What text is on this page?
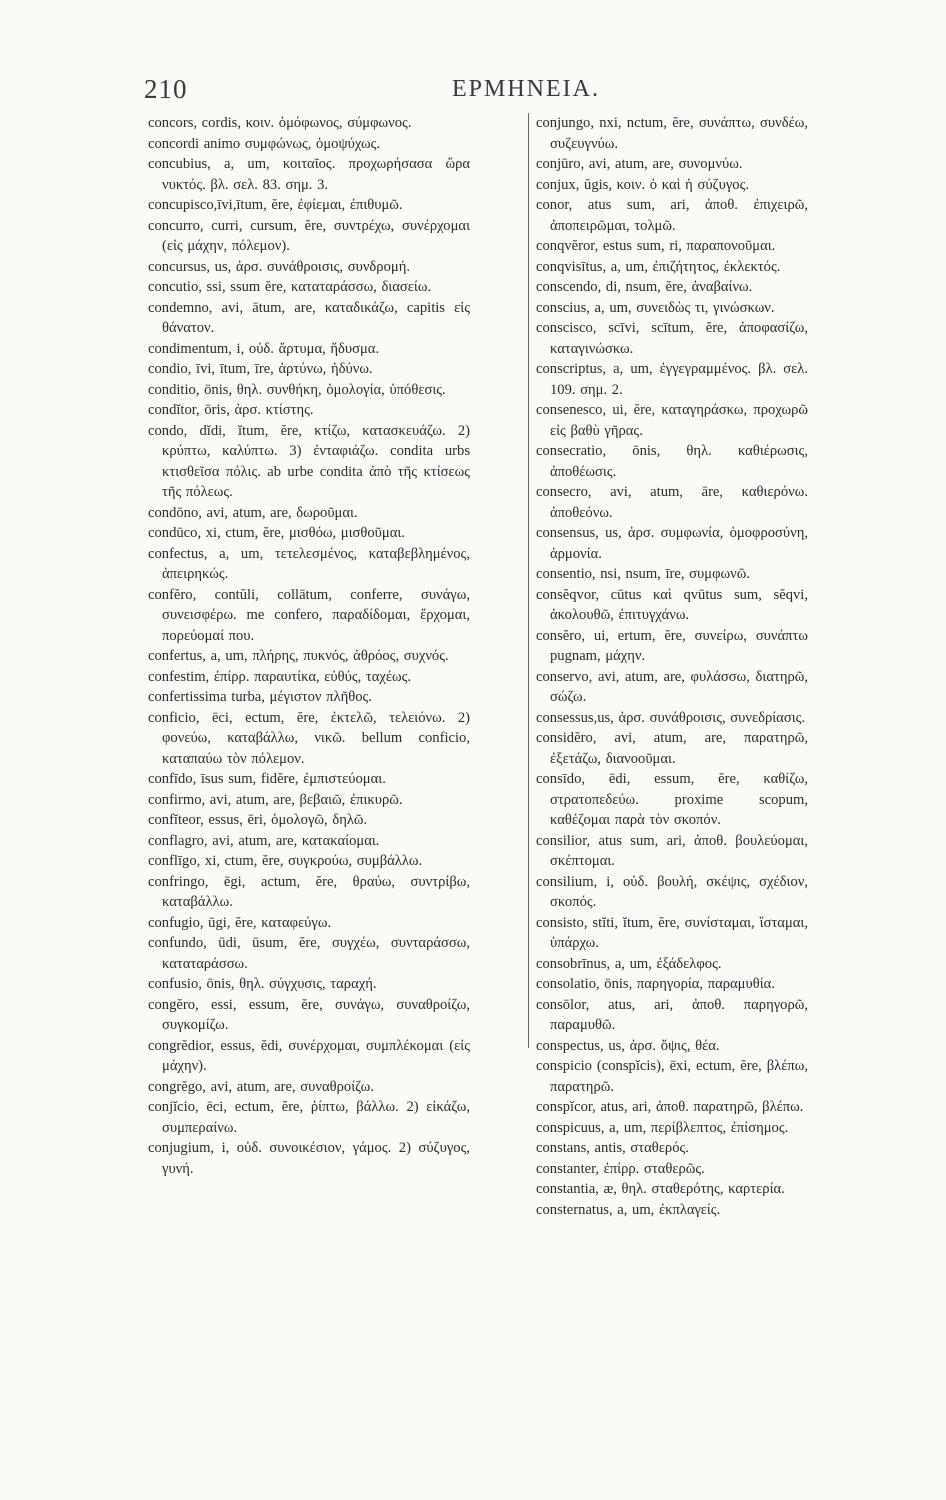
210	ΕΡΜΗΝΕΙΑ.

concors, cordis, κοιν. ὁμόφωνος, σύμφωνος.

concordi animo συμφώνως, ὁμοψύχως.

concubius, a, um, κοιταῖος. προχωρήσασα ὥρα νυκτός. βλ. σελ. 83. σημ. 3.

concupisco,īvi,ītum, ĕre, ἐφίεμαι, ἐπιθυμῶ.

concurro, curri, cursum, ĕre, συντρέχω, συνέρχομαι (εἰς μάχην, πόλεμον).

concursus, us, ἀρσ. συνάθροισις, συνδρομή.

concutio, ssi, ssum ĕre, καταταράσσω, διασείω.

condemno, avi, ātum, are, καταδικάζω, capitis εἰς θάνατον.

condimentum, i, οὐδ. ἄρτυμα, ἥδυσμα.

condio, īvi, ītum, īre, ἀρτύνω, ἡδύνω.

conditio, ōnis, θηλ. συνθήκη, ὁμολογία, ὑπόθεσις.

condĭtor, ōris, ἀρσ. κτίστης.

condo, dĭdi, ĭtum, ĕre, κτίζω, κατασκευάζω. 2) κρύπτω, καλύπτω. 3) ἐνταφιάζω. condita urbs κτισθεῖσα πόλις. ab urbe condita ἀπὸ τῆς κτίσεως τῆς πόλεως.

condōno, avi, atum, are, δωροῦμαι.

condūco, xi, ctum, ĕre, μισθόω, μισθοῦμαι.

confectus, a, um, τετελεσμένος, καταβεβλημένος, ἀπειρηκώς.

confĕro, contŭli, collātum, conferre, συνάγω, συνεισφέρω. me confero, παραδίδομαι, ἔρχομαι, πορεύομαί που.

confertus, a, um, πλήρης, πυκνός, ἀθρόος, συχνός.

confestim, ἐπίρρ. παραυτίκα, εὐθύς, ταχέως.

confertissima turba, μέγιστον πλῆθος.

conficio, ēci, ectum, ĕre, ἐκτελῶ, τελειόνω. 2) φονεύω, καταβάλλω, νικῶ. bellum conficio, καταπαύω τὸν πόλεμον.

confīdo, īsus sum, fidĕre, ἐμπιστεύομαι.

confirmo, avi, atum, are, βεβαιῶ, ἐπικυρῶ.

confĭteor, essus, ēri, ὁμολογῶ, δηλῶ.

conflagro, avi, atum, are, κατακαίομαι.

conflīgo, xi, ctum, ĕre, συγκρούω, συμβάλλω.

confringo, ēgi, actum, ĕre, θραύω, συντρίβω, καταβάλλω.

confugio, ūgi, ĕre, καταφεύγω.

confundo, ūdi, ūsum, ĕre, συγχέω, συνταράσσω, καταταράσσω.

confusio, ōnis, θηλ. σύγχυσις, ταραχή.

congĕro, essi, essum, ĕre, συνάγω, συναθροίζω, συγκομίζω.

congrĕdior, essus, ĕdi, συνέρχομαι, συμπλέκομαι (εἰς μάχην).

congrĕgo, avi, atum, are, συναθροίζω.

conjĭcio, ēci, ectum, ĕre, ῥίπτω, βάλλω. 2) εἰκάζω, συμπεραίνω.

conjugium, i, οὐδ. συνοικέσιον, γάμος. 2) σύζυγος, γυνή.

conjungo, nxi, nctum, ĕre, συνάπτω, συνδέω, συζευγνύω.

conjūro, avi, atum, are, συνομνύω.

conjux, ŭgis, κοιν. ὁ καὶ ἡ σύζυγος.

conor, atus sum, ari, ἀποθ. ἐπιχειρῶ, ἀποπειρῶμαι, τολμῶ.

conqvĕror, estus sum, ri, παραπονοῦμαι.

conqvisītus, a, um, ἐπιζήτητος, ἐκλεκτός.

conscendo, di, nsum, ĕre, ἀναβαίνω.

conscius, a, um, συνειδὼς τι, γινώσκων.

conscisco, scīvi, scītum, ĕre, ἀποφασίζω, καταγινώσκω.

conscriptus, a, um, ἐγγεγραμμένος. βλ. σελ. 109. σημ. 2.

consenesco, ui, ĕre, καταγηράσκω, προχωρῶ εἰς βαθὺ γῆρας.

consecratio, ōnis, θηλ. καθιέρωσις, ἀποθέωσις.

consecro, avi, atum, āre, καθιερόνω. ἀποθεόνω.

consensus, us, ἀρσ. συμφωνία, ὁμοφροσύνη, ἁρμονία.

consentio, nsi, nsum, īre, συμφωνῶ.

consĕqvor, cūtus καὶ qvūtus sum, sĕqvi, ἀκολουθῶ, ἐπιτυγχάνω.

consĕro, ui, ertum, ĕre, συνείρω, συνάπτω pugnam, μάχην.

conservo, avi, atum, are, φυλάσσω, διατηρῶ, σώζω.

consessus,us, ἀρσ. συνάθροισις, συνεδρίασις.

considĕro, avi, atum, are, παρατηρῶ, ἐξετάζω, διανοοῦμαι.

consīdo, ēdi, essum, ĕre, καθίζω, στρατοπεδεύω. proxime scopum, καθέζομαι παρὰ τὸν σκοπόν.

consilior, atus sum, ari, ἀποθ. βουλεύομαι, σκέπτομαι.

consilium, i, οὐδ. βουλή, σκέψις, σχέδιον, σκοπός.

consisto, stĭti, ĭtum, ĕre, συνίσταμαι, ἵσταμαι, ὑπάρχω.

consobrīnus, a, um, ἐξάδελφος.

consolatio, ōnis, παρηγορία, παραμυθία.

consōlor, atus, ari, ἀποθ. παρηγορῶ, παραμυθῶ.

conspectus, us, ἀρσ. ὄψις, θέα.

conspicio (conspĭcis), ēxi, ectum, ĕre, βλέπω, παρατηρῶ.

conspĭcor, atus, ari, ἀποθ. παρατηρῶ, βλέπω.

conspicuus, a, um, περίβλεπτος, ἐπίσημος.

constans, antis, σταθερός.

constanter, ἐπίρρ. σταθερῶς.

constantia, æ, θηλ. σταθερότης, καρτερία.

consternatus, a, um, ἐκπλαγείς.
